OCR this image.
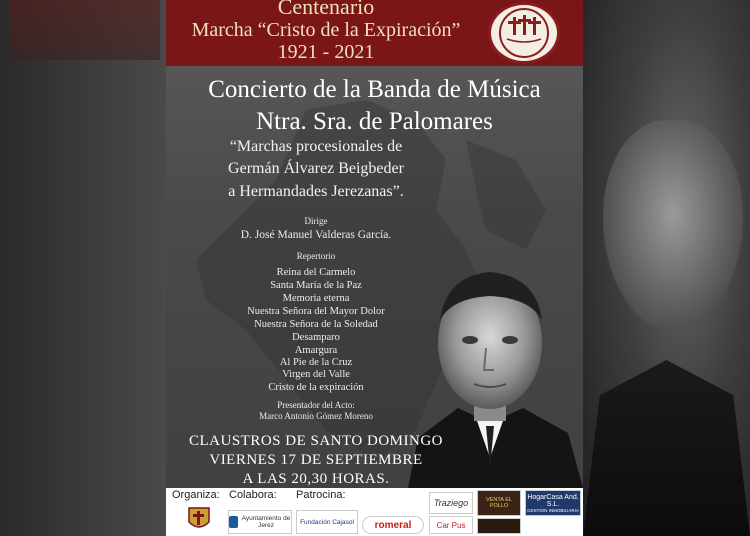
Centenario
Marcha “Cristo de la Expiración”
1921 - 2021
Concierto de la Banda de Música
Ntra. Sra. de Palomares
“Marchas procesionales de
Germán Álvarez Beigbeder
a Hermandades Jerezanas”.
Dirige
D. José Manuel Valderas García.
Repertorio
Reina del Carmelo
Santa María de la Paz
Memoria eterna
Nuestra Señora del Mayor Dolor
Nuestra Señora de la Soledad
Desamparo
Amargura
Al Pie de la Cruz
Virgen del Valle
Cristo de la expiración
Presentador del Acto:
Marco Antonio Gómez Moreno
CLAUSTROS DE SANTO DOMINGO
VIERNES 17 DE SEPTIEMBRE
A LAS 20,30 HORAS.
Organiza: Colabora: Patrocina:
Ayuntamiento de Jerez	Fundación Cajasol romeral
Traziego
Car Pus
VENTA EL POLLO
HogarCasa And. S.L.
GESTION INMOBILIARIA
